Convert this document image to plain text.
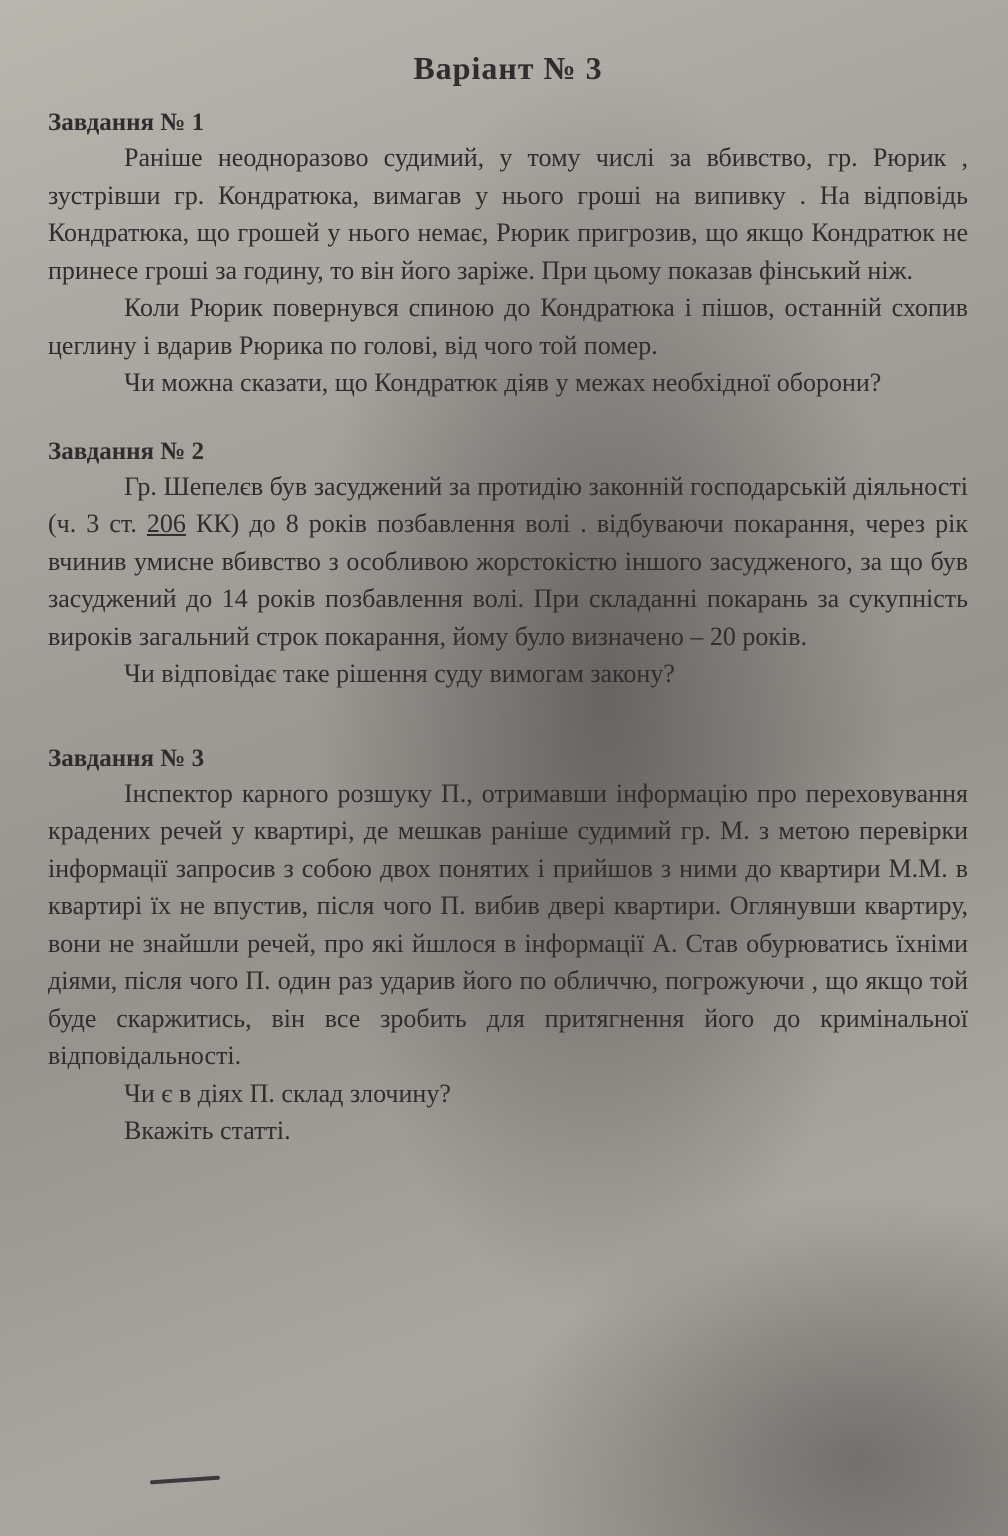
​
Варіант № 3
Завдання № 1

Раніше неодноразово судимий, у тому числі за вбивство, гр. Рюрик , зустрівши гр. Кондратюка, вимагав у нього гроші на випивку . На відповідь Кондратюка, що грошей у нього немає, Рюрик пригрозив, що якщо Кондратюк не принесе гроші за годину, то він його заріже. При цьому показав фінський ніж.

Коли Рюрик повернувся спиною до Кондратюка і пішов, останній схопив цеглину і вдарив Рюрика по голові, від чого той помер.

Чи можна сказати, що Кондратюк діяв у межах необхідної оборони?

Завдання № 2

Гр. Шепелєв був засуджений за протидію законній господарській діяльності (ч. 3 ст. 206 КК) до 8 років позбавлення волі . відбуваючи покарання, через рік вчинив умисне вбивство з особливою жорстокістю іншого засудженого, за що був засуджений до 14 років позбавлення волі. При складанні покарань за сукупність вироків загальний строк покарання, йому було визначено – 20 років.

Чи відповідає таке рішення суду вимогам закону?

Завдання № 3

Інспектор карного розшуку П., отримавши інформацію про переховування крадених речей у квартирі, де мешкав раніше судимий гр. М. з метою перевірки інформації запросив з собою двох понятих і прийшов з ними до квартири М.М. в квартирі їх не впустив, після чого П. вибив двері квартири. Оглянувши квартиру, вони не знайшли речей, про які йшлося в інформації А. Став обурюватись їхніми діями, після чого П. один раз ударив його по обличчю, погрожуючи , що якщо той буде скаржитись, він все зробить для притягнення його до кримінальної відповідальності.

Чи є в діях П. склад злочину?

Вкажіть статті.
